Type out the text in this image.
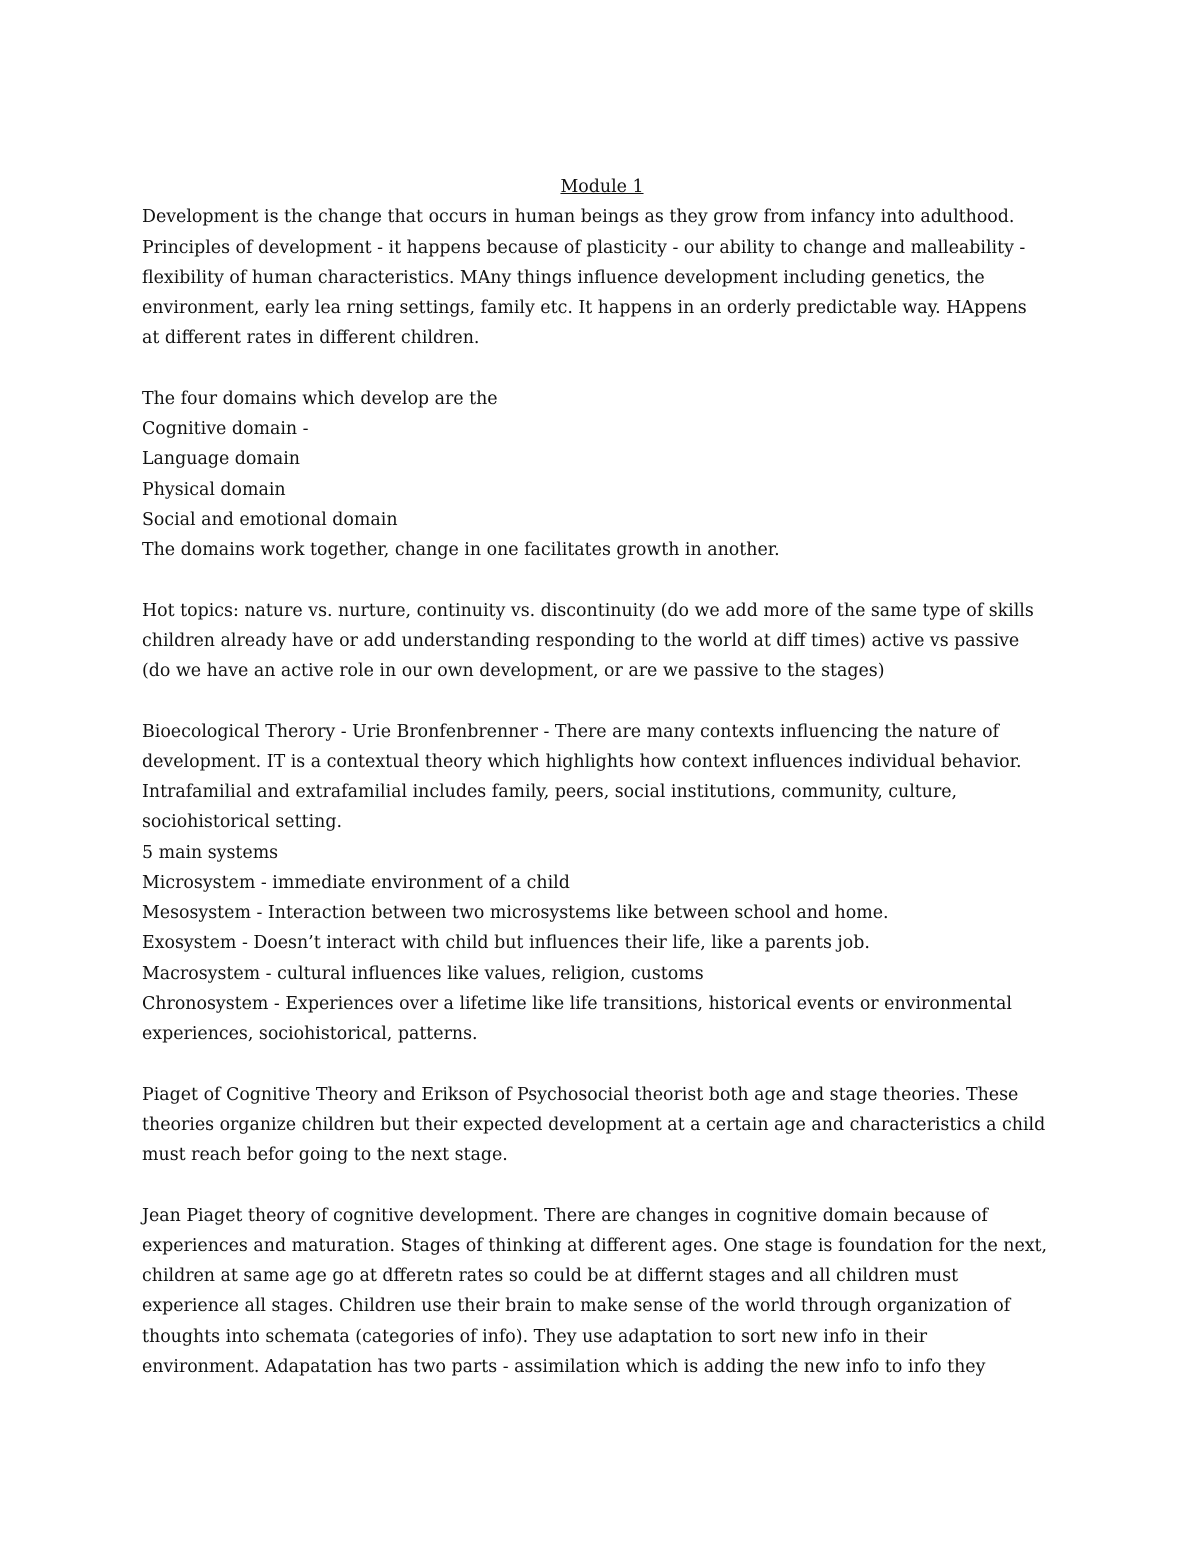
Module 1
Development is the change that occurs in human beings as they grow from infancy into adulthood.
Principles of development - it happens because of plasticity - our ability to change and malleability -
flexibility of human characteristics. MAny things influence development including genetics, the
environment, early lea rning settings, family etc. It happens in an orderly predictable way. HAppens
at different rates in different children.
The four domains which develop are the
Cognitive domain -
Language domain
Physical domain
Social and emotional domain
The domains work together, change in one facilitates growth in another.
Hot topics: nature vs. nurture, continuity vs. discontinuity (do we add more of the same type of skills
children already have or add understanding responding to the world at diff times) active vs passive
(do we have an active role in our own development, or are we passive to the stages)
Bioecological Therory - Urie Bronfenbrenner - There are many contexts influencing the nature of
development. IT is a contextual theory which highlights how context influences individual behavior.
Intrafamilial and extrafamilial includes family, peers, social institutions, community, culture,
sociohistorical setting.
5 main systems
Microsystem - immediate environment of a child
Mesosystem - Interaction between two microsystems like between school and home.
Exosystem - Doesn’t interact with child but influences their life, like a parents job.
Macrosystem - cultural influences like values, religion, customs
Chronosystem - Experiences over a lifetime like life transitions, historical events or environmental
experiences, sociohistorical, patterns.
Piaget of Cognitive Theory and Erikson of Psychosocial theorist both age and stage theories. These
theories organize children but their expected development at a certain age and characteristics a child
must reach befor going to the next stage.
Jean Piaget theory of cognitive development. There are changes in cognitive domain because of
experiences and maturation. Stages of thinking at different ages. One stage is foundation for the next,
children at same age go at dfferetn rates so could be at differnt stages and all children must
experience all stages. Children use their brain to make sense of the world through organization of
thoughts into schemata (categories of info). They use adaptation to sort new info in their
environment. Adapatation has two parts - assimilation which is adding the new info to info they
